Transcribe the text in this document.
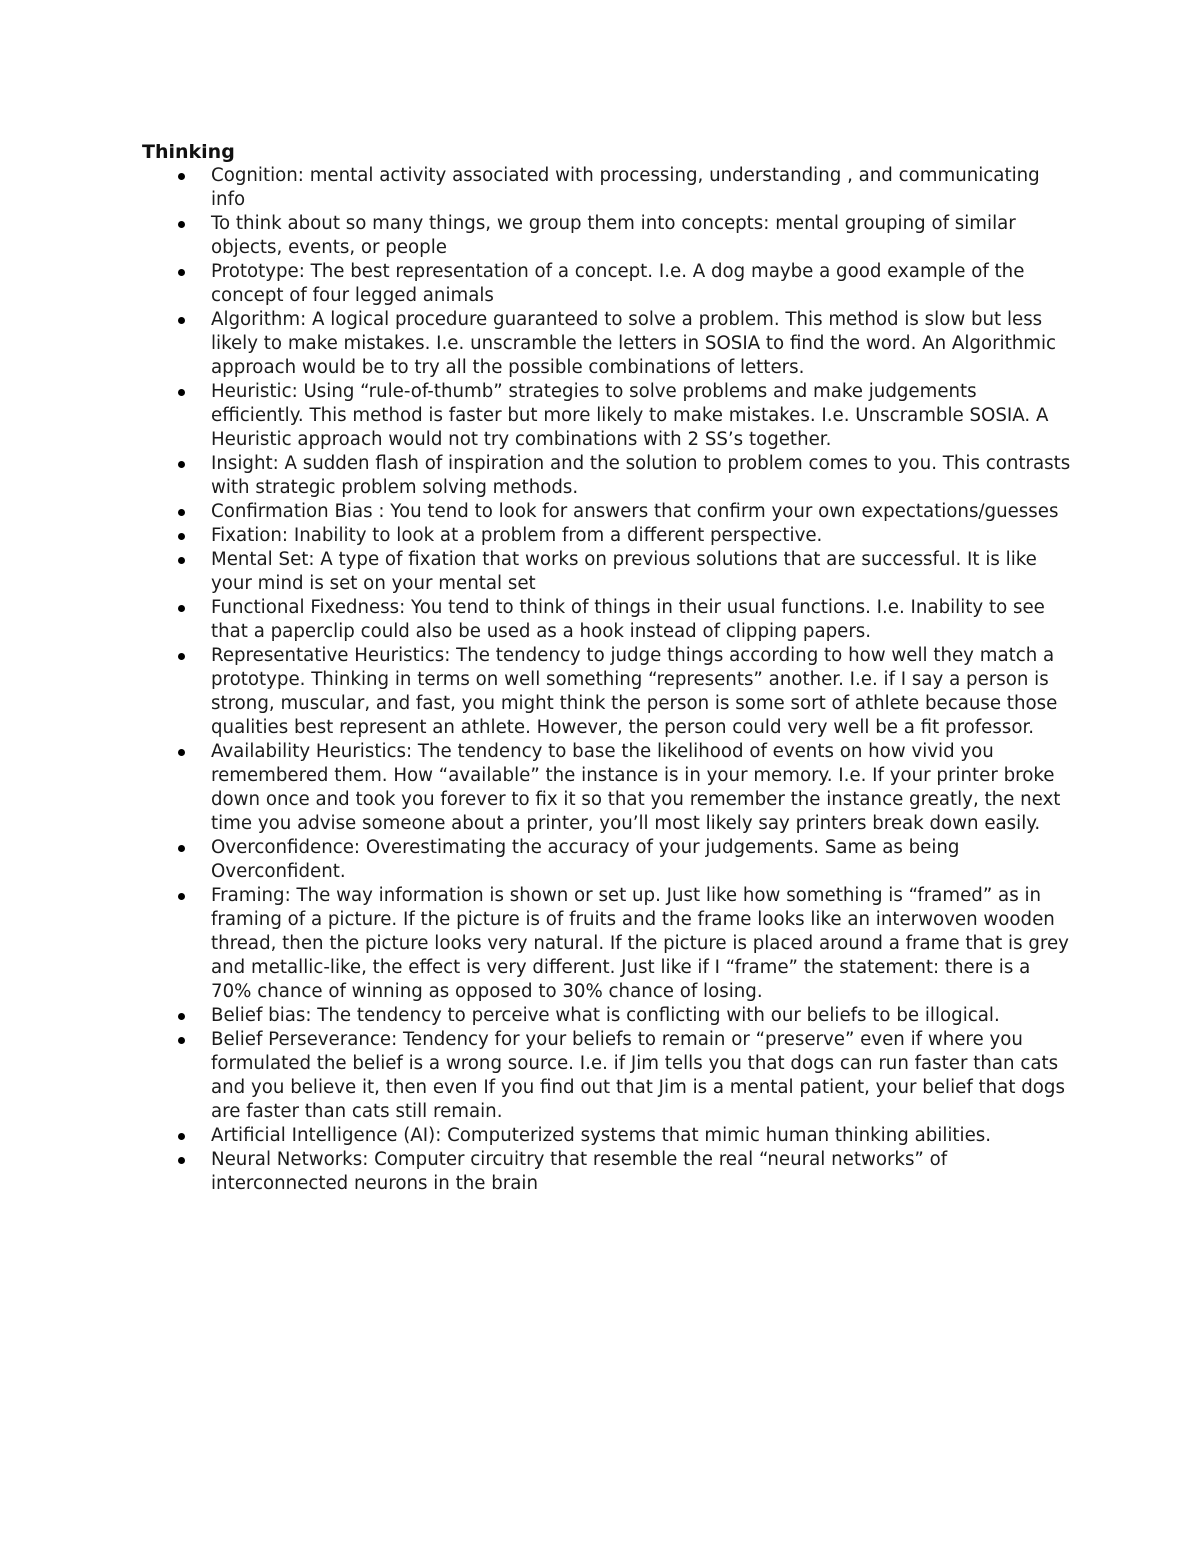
Thinking
Cognition: mental activity associated with processing, understanding , and communicating info
To think about so many things, we group them into concepts: mental grouping of similar objects, events, or people
Prototype: The best representation of a concept. I.e. A dog maybe a good example of the concept of four legged animals
Algorithm: A logical procedure guaranteed to solve a problem. This method is slow but less likely to make mistakes. I.e. unscramble the letters in SOSIA to find the word. An Algorithmic approach would be to try all the possible combinations of letters.
Heuristic: Using “rule-of-thumb” strategies to solve problems and make judgements efficiently. This method is faster but more likely to make mistakes. I.e. Unscramble SOSIA. A Heuristic approach would not try combinations with 2 SS’s together.
Insight: A sudden flash of inspiration and the solution to problem comes to you. This contrasts with strategic problem solving methods.
Confirmation Bias : You tend to look for answers that confirm your own expectations/guesses
Fixation: Inability to look at a problem from a different perspective.
Mental Set: A type of fixation that works on previous solutions that are successful. It is like your mind is set on your mental set
Functional Fixedness: You tend to think of things in their usual functions. I.e. Inability to see that a paperclip could also be used as a hook instead of clipping papers.
Representative Heuristics: The tendency to judge things according to how well they match a prototype. Thinking in terms on well something “represents” another. I.e. if I say a person is strong, muscular, and fast, you might think the person is some sort of athlete because those qualities best represent an athlete. However, the person could very well be a fit professor.
Availability Heuristics: The tendency to base the likelihood of events on how vivid you remembered them. How “available” the instance is in your memory. I.e. If your printer broke down once and took you forever to fix it so that you remember the instance greatly, the next time you advise someone about a printer, you’ll most likely say printers break down easily.
Overconfidence: Overestimating the accuracy of your judgements. Same as being Overconfident.
Framing: The way information is shown or set up. Just like how something is “framed” as in framing of a picture. If the picture is of fruits and the frame looks like an interwoven wooden thread, then the picture looks very natural. If the picture is placed around a frame that is grey and metallic-like, the effect is very different. Just like if I “frame” the statement: there is a 70% chance of winning as opposed to 30% chance of losing.
Belief bias: The tendency to perceive what is conflicting with our beliefs to be illogical.
Belief Perseverance: Tendency for your beliefs to remain or “preserve” even if where you formulated the belief is a wrong source. I.e. if Jim tells you that dogs can run faster than cats and you believe it, then even If you find out that Jim is a mental patient, your belief that dogs are faster than cats still remain.
Artificial Intelligence (AI): Computerized systems that mimic human thinking abilities.
Neural Networks: Computer circuitry that resemble the real “neural networks” of interconnected neurons in the brain
